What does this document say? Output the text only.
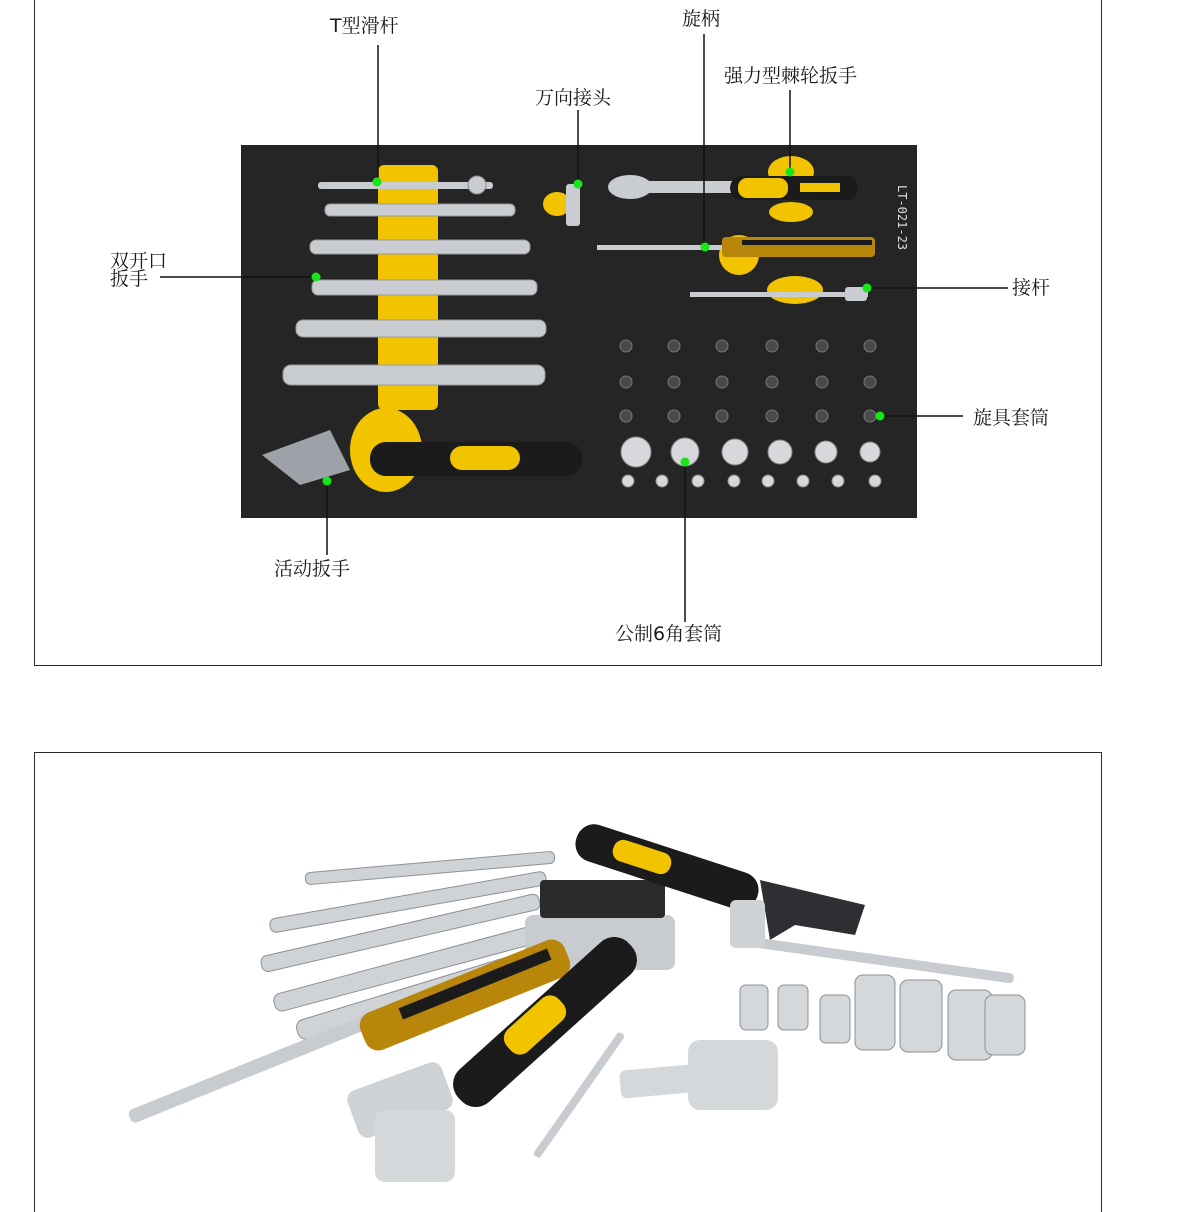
LT-021-23
T型滑杆	旋柄
强力型棘轮扳手
万向接头
双开口
扳手	接杆
旋具套筒
活动扳手
公制6角套筒
